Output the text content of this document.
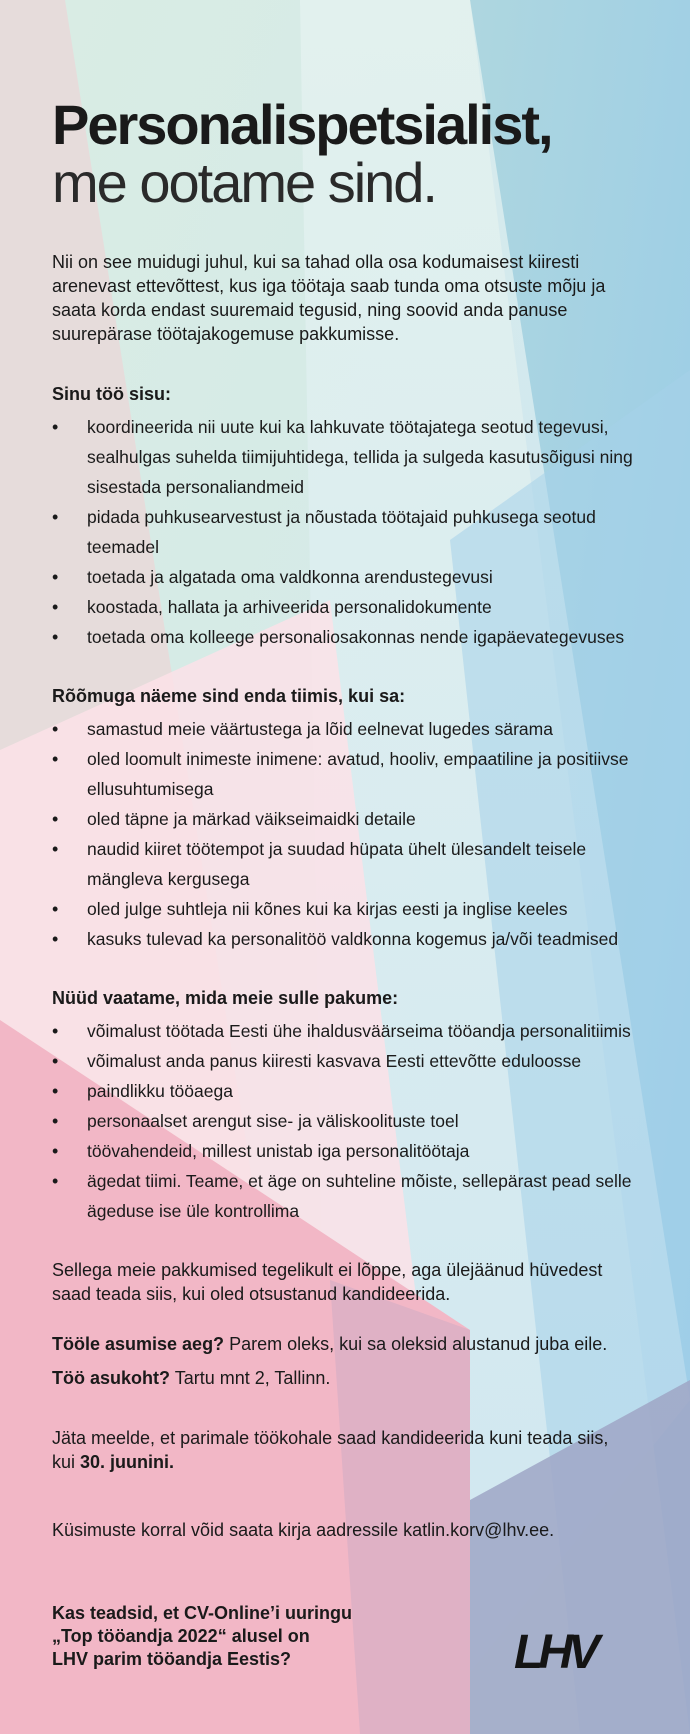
Personalispetsialist,
me ootame sind.

Nii on see muidugi juhul, kui sa tahad olla osa kodumaisest kiiresti arenevast ettevõttest, kus iga töötaja saab tunda oma otsuste mõju ja saata korda endast suuremaid tegusid, ning soovid anda panuse suurepärase töötajakogemuse pakkumisse.

Sinu töö sisu:
• koordineerida nii uute kui ka lahkuvate töötajatega seotud tegevusi, sealhulgas suhelda tiimijuhtidega, tellida ja sulgeda kasutusõigusi ning sisestada personaliandmeid
• pidada puhkusearvestust ja nõustada töötajaid puhkusega seotud teemadel
• toetada ja algatada oma valdkonna arendustegevusi
• koostada, hallata ja arhiveerida personalidokumente
• toetada oma kolleege personaliosakonnas nende igapäevategevuses
Rõõmuga näeme sind enda tiimis, kui sa:
• samastud meie väärtustega ja lõid eelnevat lugedes särama
• oled loomult inimeste inimene: avatud, hooliv, empaatiline ja positiivse ellusuhtumisega
• oled täpne ja märkad väikseimaidki detaile
• naudid kiiret töötempot ja suudad hüpata ühelt ülesandelt teisele mängleva kergusega
• oled julge suhtleja nii kõnes kui ka kirjas eesti ja inglise keeles
• kasuks tulevad ka personalitöö valdkonna kogemus ja/või teadmised
Nüüd vaatame, mida meie sulle pakume:
• võimalust töötada Eesti ühe ihaldusväärseima tööandja personalitiimis
• võimalust anda panus kiiresti kasvava Eesti ettevõtte eduloosse
• paindlikku tööaega
• personaalset arengut sise- ja väliskoolituste toel
• töövahendeid, millest unistab iga personalitöötaja
• ägedat tiimi. Teame, et äge on suhteline mõiste, sellepärast pead selle ägeduse ise üle kontrollima

Sellega meie pakkumised tegelikult ei lõppe, aga ülejäänud hüvedest saad teada siis, kui oled otsustanud kandideerida.

Tööle asumise aeg? Parem oleks, kui sa oleksid alustanud juba eile.

Töö asukoht? Tartu mnt 2, Tallinn.

Jäta meelde, et parimale töökohale saad kandideerida kuni teada siis, kui 30. juunini.

Küsimuste korral võid saata kirja aadressile katlin.korv@lhv.ee.

Kas teadsid, et CV-Online’i uuringu
„Top tööandja 2022“ alusel on
LHV parim tööandja Eestis?	LHV
